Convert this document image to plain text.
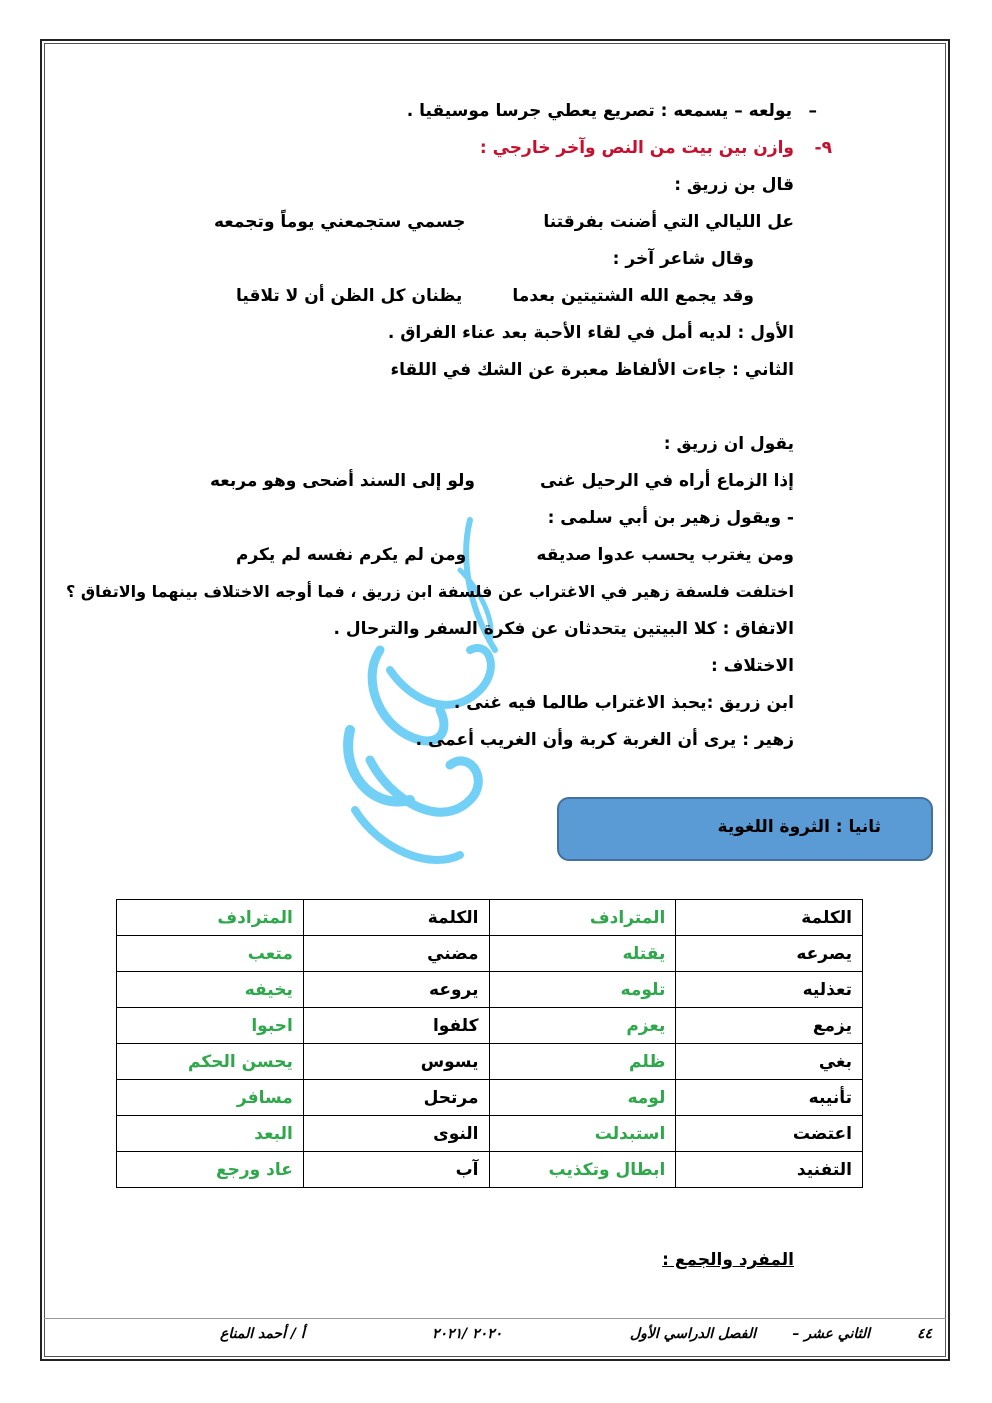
يولعه – يسمعه : تصريع يعطي جرسا موسيقيا . –
٩-
وازن بين بيت من النص وآخر خارجي :
قال بن زريق :
عل الليالي التي أضنت بفرقتنا
جسمي ستجمعني يوماً وتجمعه
وقال شاعر آخر :
وقد يجمع الله الشتيتين بعدما
يظنان كل الظن أن لا تلاقيا
الأول : لديه أمل في لقاء الأحبة بعد عناء الفراق .
الثاني : جاءت الألفاظ معبرة عن الشك في اللقاء
يقول ان زريق :
إذا الزماع أراه في الرحيل غنى
ولو إلى السند أضحى وهو مربعه
- ويقول زهير بن أبي سلمى :
ومن يغترب يحسب عدوا صديقه
ومن لم يكرم نفسه لم يكرم
اختلفت فلسفة زهير في الاغتراب عن فلسفة ابن زريق ، فما أوجه الاختلاف بينهما والاتفاق ؟
الاتفاق : كلا البيتين يتحدثان عن فكرة السفر والترحال .
الاختلاف :
ابن زريق :يحبذ الاغتراب طالما فيه غنى .
زهير : يرى أن الغربة كربة وأن الغريب أعمى .
ثانيا : الثروة اللغوية
الكلمة	المترادف	الكلمة	المترادف
يصرعه	يقتله	مضني	متعب
تعذليه	تلومه	يروعه	يخيفه
يزمع	يعزم	كلفوا	احبوا
بغي	ظلم	يسوس	يحسن الحكم
تأنيبه	لومه	مرتحل	مسافر
اعتضت	استبدلت	النوى	البعد
التفنيد	ابطال وتكذيب	آب	عاد ورجع
المفرد والجمع :
٤٤
الثاني عشر –
الفصل الدراسي الأول
٢٠٢٠ /٢٠٢١
أ / أحمد المناع
